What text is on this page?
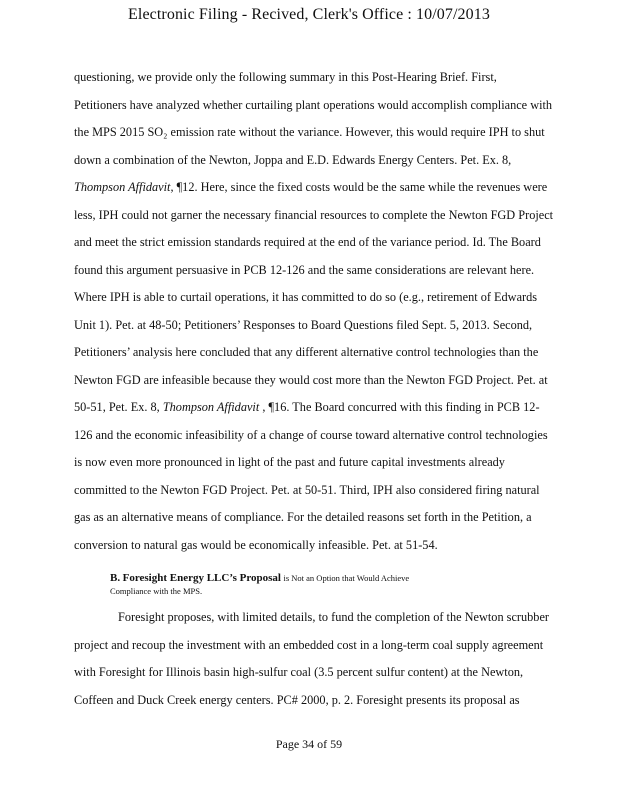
Electronic Filing - Recived, Clerk's Office : 10/07/2013
questioning, we provide only the following summary in this Post-Hearing Brief. First,
Petitioners have analyzed whether curtailing plant operations would accomplish compliance with
the MPS 2015 SO₂ emission rate without the variance. However, this would require IPH to shut
down a combination of the Newton, Joppa and E.D. Edwards Energy Centers. Pet. Ex. 8,
Thompson Affidavit, ¶12. Here, since the fixed costs would be the same while the revenues were
less, IPH could not garner the necessary financial resources to complete the Newton FGD Project
and meet the strict emission standards required at the end of the variance period. Id. The Board
found this argument persuasive in PCB 12-126 and the same considerations are relevant here.
Where IPH is able to curtail operations, it has committed to do so (e.g., retirement of Edwards
Unit 1). Pet. at 48-50; Petitioners’ Responses to Board Questions filed Sept. 5, 2013. Second,
Petitioners’ analysis here concluded that any different alternative control technologies than the
Newton FGD are infeasible because they would cost more than the Newton FGD Project. Pet. at
50-51, Pet. Ex. 8, Thompson Affidavit , ¶16. The Board concurred with this finding in PCB 12-
126 and the economic infeasibility of a change of course toward alternative control technologies
is now even more pronounced in light of the past and future capital investments already
committed to the Newton FGD Project. Pet. at 50-51. Third, IPH also considered firing natural
gas as an alternative means of compliance. For the detailed reasons set forth in the Petition, a
conversion to natural gas would be economically infeasible. Pet. at 51-54.
B. Foresight Energy LLC’s Proposal is Not an Option that Would Achieve
Compliance with the MPS.
Foresight proposes, with limited details, to fund the completion of the Newton scrubber
project and recoup the investment with an embedded cost in a long-term coal supply agreement
with Foresight for Illinois basin high-sulfur coal (3.5 percent sulfur content) at the Newton,
Coffeen and Duck Creek energy centers. PC# 2000, p. 2. Foresight presents its proposal as
Page 34 of 59
